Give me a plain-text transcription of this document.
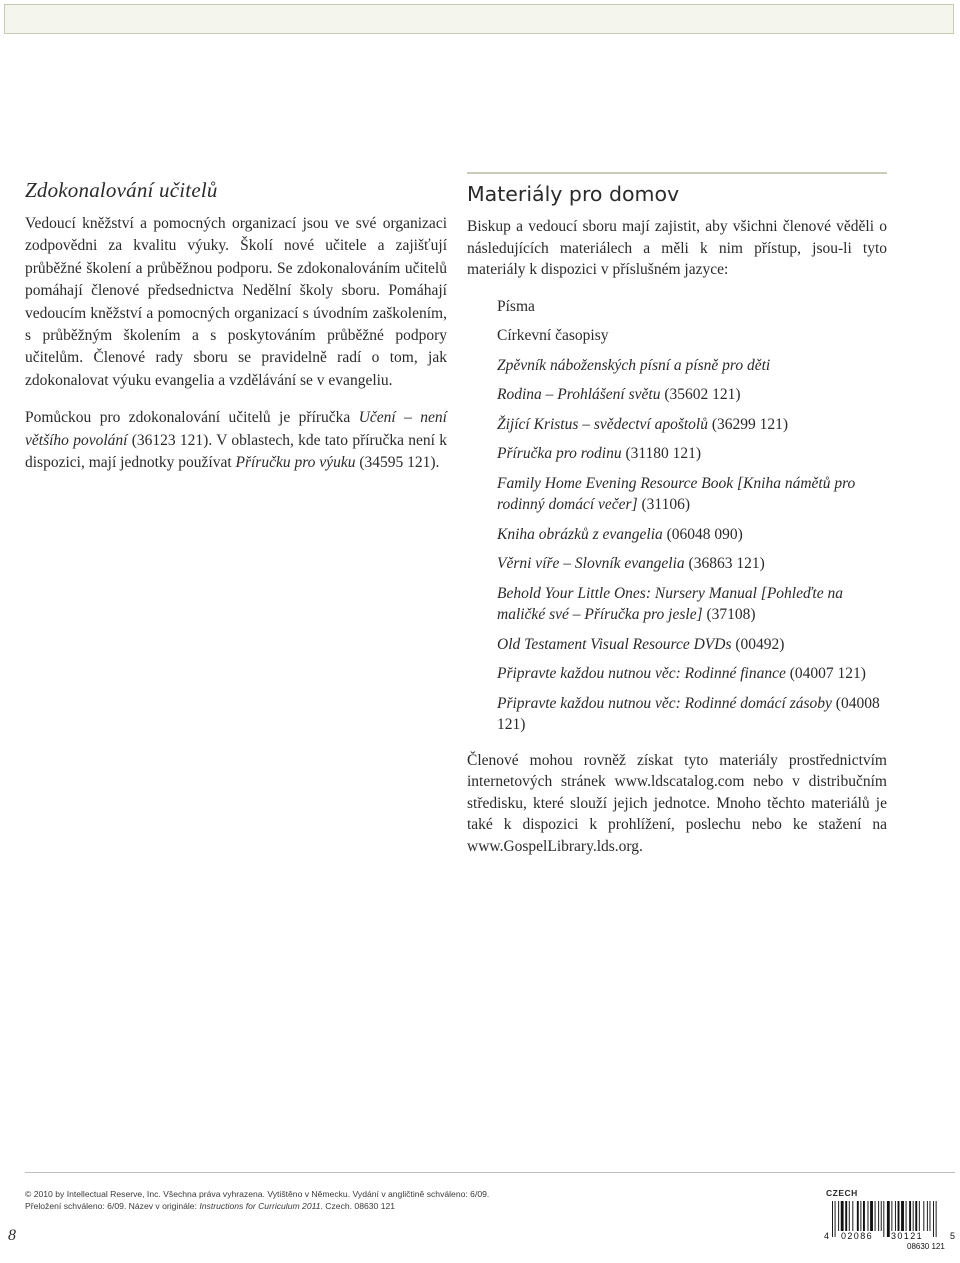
Zdokonalování učitelů

Vedoucí kněžství a pomocných organizací jsou ve své organizaci zodpovědni za kvalitu výuky. Školí nové učitele a zajišťují průběžné školení a průběžnou podporu. Se zdokonalováním učitelů pomáhají členové předsednictva Nedělní školy sboru. Pomáhají vedoucím kněžství a pomocných organizací s úvodním zaškolením, s průběžným školením a s poskytováním průběžné podpory učitelům. Členové rady sboru se pravidelně radí o tom, jak zdokonalovat výuku evangelia a vzdělávání se v evangeliu.

Pomůckou pro zdokonalování učitelů je příručka Učení – není většího povolání (36123 121). V oblastech, kde tato příručka není k dispozici, mají jednotky používat Příručku pro výuku (34595 121).

Materiály pro domov

Biskup a vedoucí sboru mají zajistit, aby všichni členové věděli o následujících materiálech a měli k nim přístup, jsou-li tyto materiály k dispozici v příslušném jazyce:

Písma
Církevní časopisy
Zpěvník náboženských písní a písně pro děti
Rodina – Prohlášení světu (35602 121)
Žijící Kristus – svědectví apoštolů (36299 121)
Příručka pro rodinu (31180 121)
Family Home Evening Resource Book [Kniha námětů pro rodinný domácí večer] (31106)
Kniha obrázků z evangelia (06048 090)
Věrni víře – Slovník evangelia (36863 121)
Behold Your Little Ones: Nursery Manual [Pohleďte na maličké své – Příručka pro jesle] (37108)
Old Testament Visual Resource DVDs (00492)
Připravte každou nutnou věc: Rodinné finance (04007 121)
Připravte každou nutnou věc: Rodinné domácí zásoby (04008 121)

Členové mohou rovněž získat tyto materiály prostřednictvím internetových stránek www.ldscatalog.com nebo v distribučním středisku, které slouží jejich jednotce. Mnoho těchto materiálů je také k dispozici k prohlížení, poslechu nebo ke stažení na www.GospelLibrary.lds.org.

© 2010 by Intellectual Reserve, Inc. Všechna práva vyhrazena. Vytištěno v Německu. Vydání v angličtině schváleno: 6/09.
Přeložení schváleno: 6/09. Název v originále: Instructions for Curriculum 2011. Czech. 08630 121
8
CZECH
4 02086 30121	5
08630 121
